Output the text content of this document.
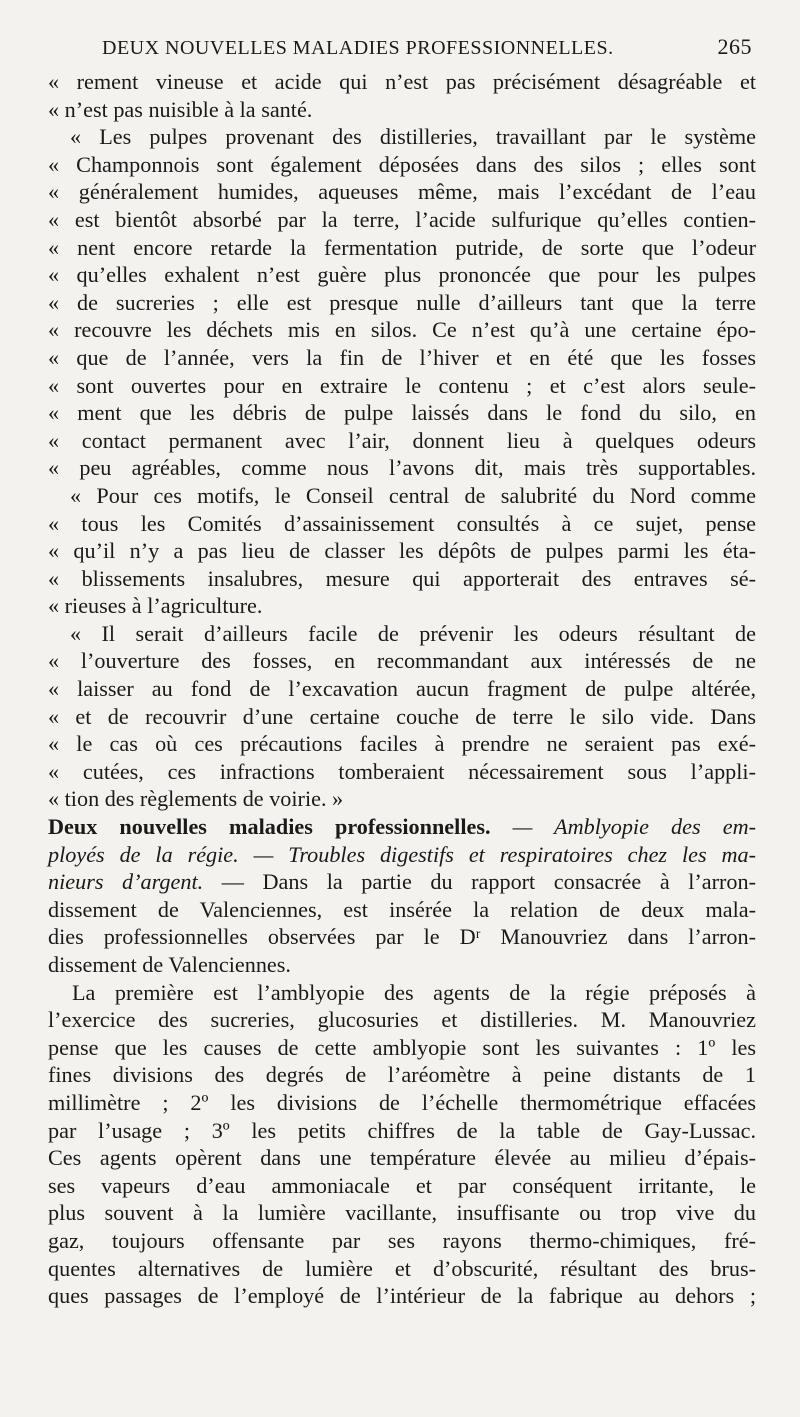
DEUX NOUVELLES MALADIES PROFESSIONNELLES.	265
« rement vineuse et acide qui n’est pas précisément désagréable et
« n’est pas nuisible à la santé.
« Les pulpes provenant des distilleries, travaillant par le système
« Champonnois sont également déposées dans des silos ; elles sont
« généralement humides, aqueuses même, mais l’excédant de l’eau
« est bientôt absorbé par la terre, l’acide sulfurique qu’elles contien-
« nent encore retarde la fermentation putride, de sorte que l’odeur
« qu’elles exhalent n’est guère plus prononcée que pour les pulpes
« de sucreries ; elle est presque nulle d’ailleurs tant que la terre
« recouvre les déchets mis en silos. Ce n’est qu’à une certaine épo-
« que de l’année, vers la fin de l’hiver et en été que les fosses
« sont ouvertes pour en extraire le contenu ; et c’est alors seule-
« ment que les débris de pulpe laissés dans le fond du silo, en
« contact permanent avec l’air, donnent lieu à quelques odeurs
« peu agréables, comme nous l’avons dit, mais très supportables.
« Pour ces motifs, le Conseil central de salubrité du Nord comme
« tous les Comités d’assainissement consultés à ce sujet, pense
« qu’il n’y a pas lieu de classer les dépôts de pulpes parmi les éta-
« blissements insalubres, mesure qui apporterait des entraves sé-
« rieuses à l’agriculture.
« Il serait d’ailleurs facile de prévenir les odeurs résultant de
« l’ouverture des fosses, en recommandant aux intéressés de ne
« laisser au fond de l’excavation aucun fragment de pulpe altérée,
« et de recouvrir d’une certaine couche de terre le silo vide. Dans
« le cas où ces précautions faciles à prendre ne seraient pas exé-
« cutées, ces infractions tomberaient nécessairement sous l’appli-
« tion des règlements de voirie. »
Deux nouvelles maladies professionnelles. — Amblyopie des em-
ployés de la régie. — Troubles digestifs et respiratoires chez les ma-
nieurs d’argent. — Dans la partie du rapport consacrée à l’arron-
dissement de Valenciennes, est insérée la relation de deux mala-
dies professionnelles observées par le Dʳ Manouvriez dans l’arron-
dissement de Valenciennes.
La première est l’amblyopie des agents de la régie préposés à
l’exercice des sucreries, glucosuries et distilleries. M. Manouvriez
pense que les causes de cette amblyopie sont les suivantes : 1º les
fines divisions des degrés de l’aréomètre à peine distants de 1
millimètre ; 2º les divisions de l’échelle thermométrique effacées
par l’usage ; 3º les petits chiffres de la table de Gay-Lussac.
Ces agents opèrent dans une température élevée au milieu d’épais-
ses vapeurs d’eau ammoniacale et par conséquent irritante, le
plus souvent à la lumière vacillante, insuffisante ou trop vive du
gaz, toujours offensante par ses rayons thermo-chimiques, fré-
quentes alternatives de lumière et d’obscurité, résultant des brus-
ques passages de l’employé de l’intérieur de la fabrique au dehors ;
